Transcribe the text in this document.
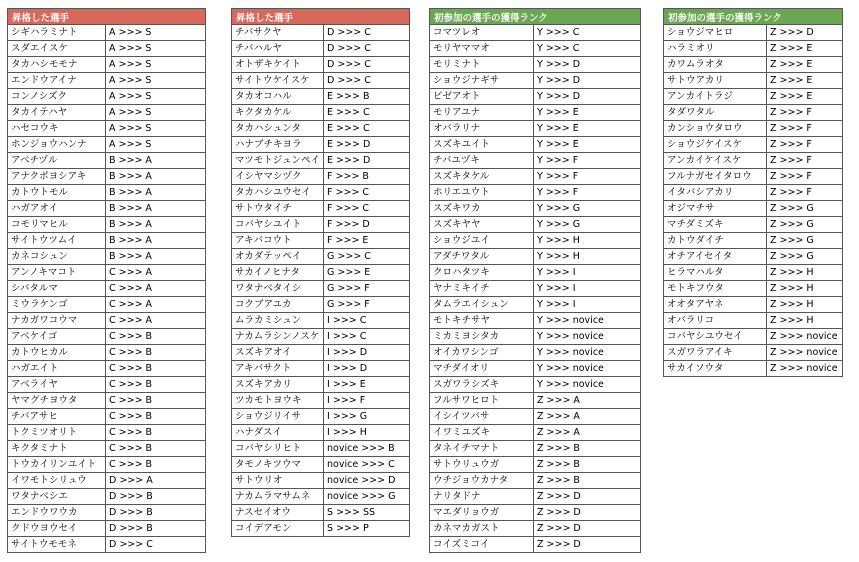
昇格した選手	
シギハラミナト	A >>> S
スダエイスケ	A >>> S
タカハシモモナ	A >>> S
エンドウアイナ	A >>> S
コンノシズク	A >>> S
タカイテハヤ	A >>> S
ハセコウキ	A >>> S
ホンジョウハンナ	A >>> S
アベチヅル	B >>> A
アナクボヨシアキ	B >>> A
カトウトモル	B >>> A
ハガアオイ	B >>> A
コモリマヒル	B >>> A
サイトウツムイ	B >>> A
カネコシュン	B >>> A
アンノキマコト	C >>> A
シバタルマ	C >>> A
ミウラケンゴ	C >>> A
ナカガワコウマ	C >>> A
アベケイゴ	C >>> B
カトウヒカル	C >>> B
ハガエイト	C >>> B
アベライヤ	C >>> B
ヤマグチヨウタ	C >>> B
チバアサヒ	C >>> B
トクミツオリト	C >>> B
キクタミナト	C >>> B
トウカイリンユイト	C >>> B
イワモトシリュウ	D >>> A
ワタナベシエ	D >>> B
エンドウワウカ	D >>> B
クドウヨウセイ	D >>> B
サイトウモモネ	D >>> C
昇格した選手	
チバサクヤ	D >>> C
チバハルヤ	D >>> C
オトザキケイト	D >>> C
サイトウケイスケ	D >>> C
タカオコハル	E >>> B
キクタカケル	E >>> C
タカハシュンタ	E >>> C
ハナブチキヨラ	E >>> D
マツモトジュンペイ	E >>> D
イシヤマシヅク	F >>> B
タカハシユウセイ	F >>> C
サトウタイチ	F >>> C
コバヤシユイト	F >>> D
アキバコウト	F >>> E
オカダテッペイ	G >>> C
サカイノヒナタ	G >>> E
ワタナベタイシ	G >>> F
コクブアユカ	G >>> F
ムラカミシュン	I >>> C
ナカムラシンノスケ	I >>> C
スズキアオイ	I >>> D
アキバサクト	I >>> D
スズキアカリ	I >>> E
ツカモトヨウキ	I >>> F
ショウジリイサ	I >>> G
ハナダスイ	I >>> H
コバヤシリヒト	novice >>> B
タモノキツウマ	novice >>> C
サトウリオ	novice >>> D
ナカムラマサムネ	novice >>> G
ナスセイオウ	S >>> SS
コイデアモン	S >>> P
初参加の選手の獲得ランク	
コマツレオ	Y >>> C
モリヤママオ	Y >>> C
モリミナト	Y >>> D
ショウジナギサ	Y >>> D
ビゼアオト	Y >>> D
モリアユナ	Y >>> E
オバラリナ	Y >>> E
スズキユイト	Y >>> E
チバユヅキ	Y >>> F
スズキタケル	Y >>> F
ホリエユウト	Y >>> F
スズキワカ	Y >>> G
スズキヤヤ	Y >>> G
ショウジユイ	Y >>> H
アダチワタル	Y >>> H
クロハタツキ	Y >>> I
ヤナミキイチ	Y >>> I
タムラエイシュン	Y >>> I
モトキチサヤ	Y >>> novice
ミカミヨシタカ	Y >>> novice
オイカワシンゴ	Y >>> novice
マチダイオリ	Y >>> novice
スガワラシズキ	Y >>> novice
フルサワヒロト	Z >>> A
イシイツバサ	Z >>> A
イワミユズキ	Z >>> A
タネイチマナト	Z >>> B
サトウリュウガ	Z >>> B
ウチジョウカナタ	Z >>> B
ナリタドナ	Z >>> D
マエダリョウガ	Z >>> D
カネマカガスト	Z >>> D
コイズミコイ	Z >>> D
初参加の選手の獲得ランク	
ショウジマヒロ	Z >>> D
ハラミオリ	Z >>> E
カワムラオタ	Z >>> E
サトウアカリ	Z >>> E
アンカイトラジ	Z >>> E
タダワタル	Z >>> F
カンショウタロウ	Z >>> F
ショウジケイスケ	Z >>> F
アンカイケイスケ	Z >>> F
フルナガセイタロウ	Z >>> F
イタバシアカリ	Z >>> F
オジマチサ	Z >>> G
マチダミズキ	Z >>> G
カトウダイチ	Z >>> G
オチアイセイタ	Z >>> G
ヒラマハルタ	Z >>> H
モトキフウタ	Z >>> H
オオタアヤネ	Z >>> H
オバラリコ	Z >>> H
コバヤシユウセイ	Z >>> novice
スガワラアイキ	Z >>> novice
サカイソウタ	Z >>> novice
